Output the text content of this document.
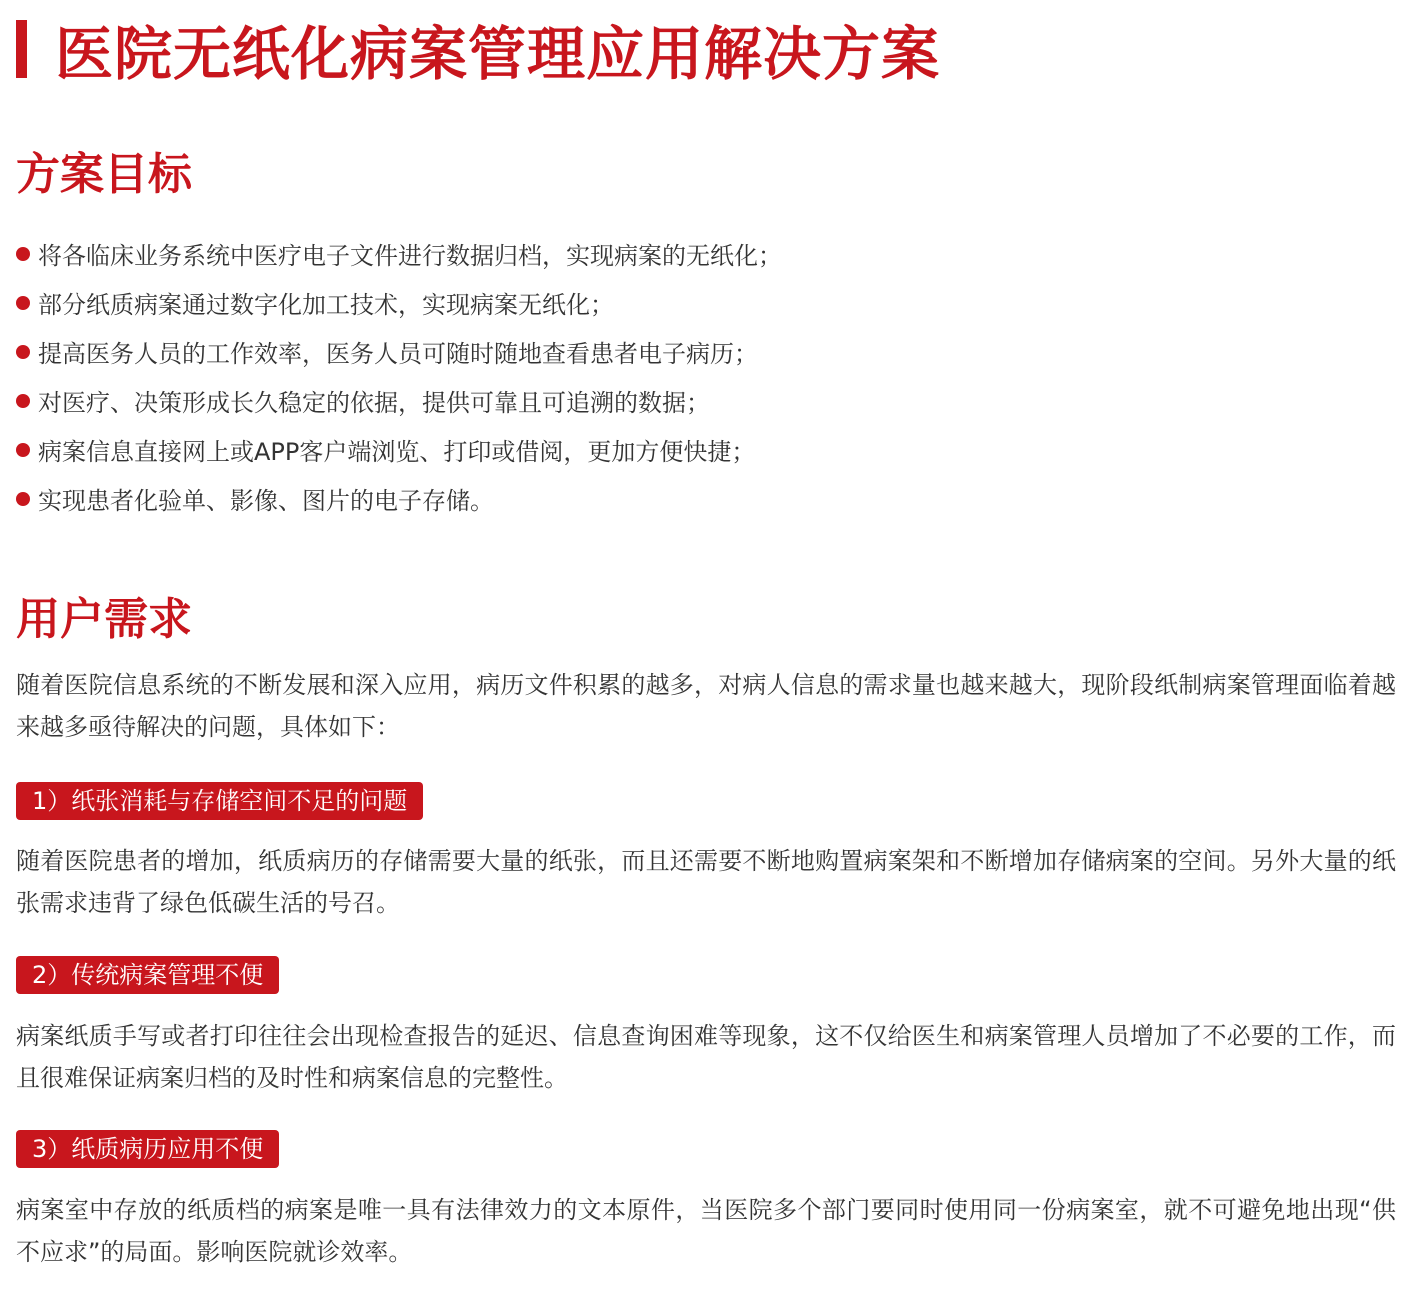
医院无纸化病案管理应用解决方案
方案目标
将各临床业务系统中医疗电子文件进行数据归档，实现病案的无纸化；
部分纸质病案通过数字化加工技术，实现病案无纸化；
提高医务人员的工作效率，医务人员可随时随地查看患者电子病历；
对医疗、决策形成长久稳定的依据，提供可靠且可追溯的数据；
病案信息直接网上或APP客户端浏览、打印或借阅，更加方便快捷；
实现患者化验单、影像、图片的电子存储。
用户需求

随着医院信息系统的不断发展和深入应用，病历文件积累的越多，对病人信息的需求量也越来越大，现阶段纸制病案管理面临着越来越多亟待解决的问题，具体如下：

1）纸张消耗与存储空间不足的问题

随着医院患者的增加，纸质病历的存储需要大量的纸张，而且还需要不断地购置病案架和不断增加存储病案的空间。另外大量的纸张需求违背了绿色低碳生活的号召。

2）传统病案管理不便

病案纸质手写或者打印往往会出现检查报告的延迟、信息查询困难等现象，这不仅给医生和病案管理人员增加了不必要的工作，而且很难保证病案归档的及时性和病案信息的完整性。

3）纸质病历应用不便

病案室中存放的纸质档的病案是唯一具有法律效力的文本原件，当医院多个部门要同时使用同一份病案室，就不可避免地出现“供不应求”的局面。影响医院就诊效率。
